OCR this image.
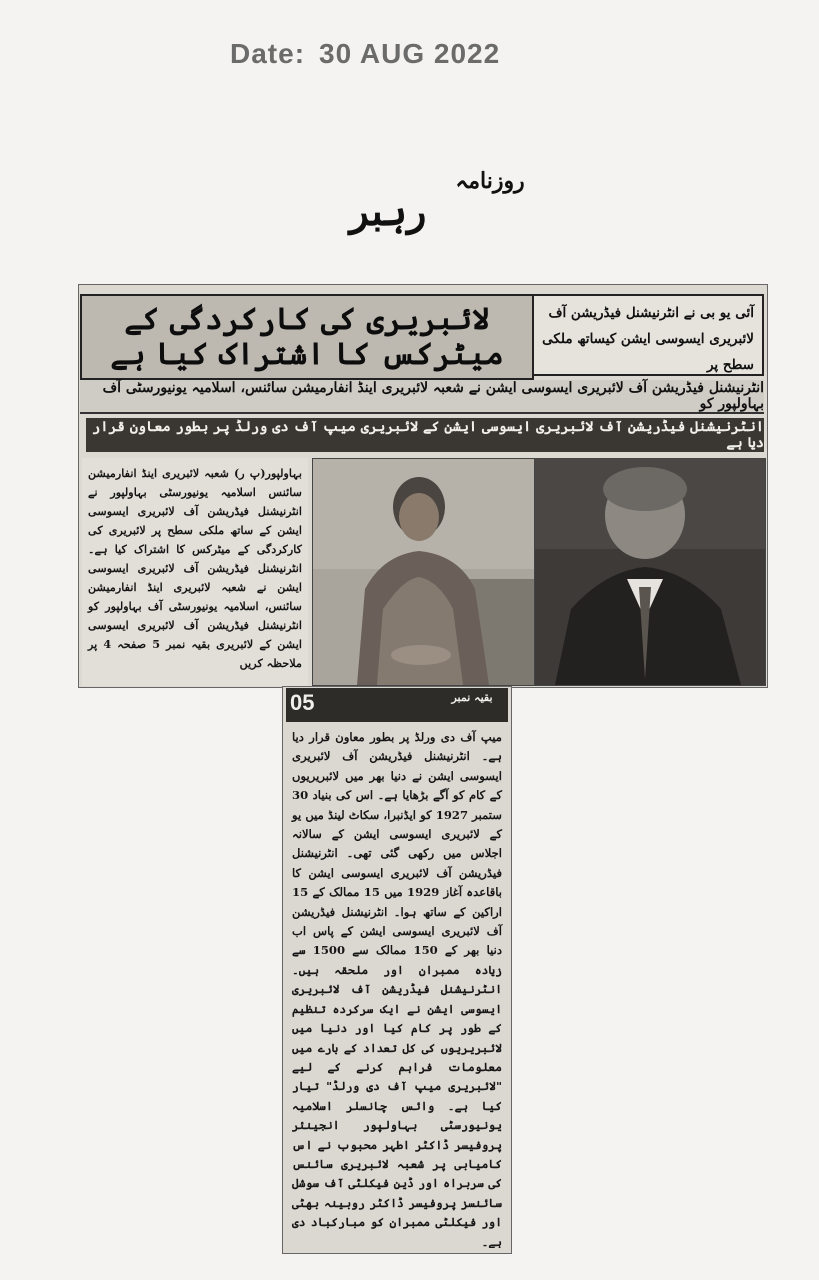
Date: 30 AUG 2022
روزنامہ
رہبر
لائبریری کی کارکردگی کے میٹرکس کا اشتراک کیا ہے
آئی یو بی نے انٹرنیشنل فیڈریشن آف لائبریری ایسوسی ایشن کیساتھ ملکی سطح پر
انٹرنیشنل فیڈریشن آف لائبریری ایسوسی ایشن نے شعبہ لائبریری اینڈ انفارمیشن سائنس، اسلامیہ یونیورسٹی آف بہاولپور کو
انٹرنیشنل فیڈریشن آف لائبریری ایسوسی ایشن کے لائبریری میپ آف دی ورلڈ پر بطور معاون قرار دیا ہے
بہاولپور(پ ر) شعبہ لائبریری اینڈ انفارمیشن سائنس اسلامیہ یونیورسٹی بہاولپور نے انٹرنیشنل فیڈریشن آف لائبریری ایسوسی ایشن کے ساتھ ملکی سطح پر لائبریری کی کارکردگی کے میٹرکس کا اشتراک کیا ہے۔ انٹرنیشنل فیڈریشن آف لائبریری ایسوسی ایشن نے شعبہ لائبریری اینڈ انفارمیشن سائنس، اسلامیہ یونیورسٹی آف بہاولپور کو انٹرنیشنل فیڈریشن آف لائبریری ایسوسی ایشن کے لائبریری بقیہ نمبر 5 صفحہ 4 پر ملاحظہ کریں
05	بقیہ نمبر
میپ آف دی ورلڈ پر بطور معاون قرار دیا ہے۔ انٹرنیشنل فیڈریشن آف لائبریری ایسوسی ایشن نے دنیا بھر میں لائبریریوں کے کام کو آگے بڑھایا ہے۔ اس کی بنیاد 30 ستمبر 1927 کو ایڈنبرا، سکاٹ لینڈ میں یو کے لائبریری ایسوسی ایشن کے سالانہ اجلاس میں رکھی گئی تھی۔ انٹرنیشنل فیڈریشن آف لائبریری ایسوسی ایشن کا باقاعدہ آغاز 1929 میں 15 ممالک کے 15 اراکین کے ساتھ ہوا۔ انٹرنیشنل فیڈریشن آف لائبریری ایسوسی ایشن کے پاس اب دنیا بھر کے 150 ممالک سے 1500 سے زیادہ ممبران اور ملحقہ ہیں۔ انٹرنیشنل فیڈریشن آف لائبریری ایسوسی ایشن نے ایک سرکردہ تنظیم کے طور پر کام کیا اور دنیا میں لائبریریوں کی کل تعداد کے بارے میں معلومات فراہم کرنے کے لیے "لائبریری میپ آف دی ورلڈ" تیار کیا ہے۔ وائس چانسلر اسلامیہ یونیورسٹی بہاولپور انجینئر پروفیسر ڈاکٹر اطہر محبوب نے اس کامیابی پر شعبہ لائبریری سائنس کی سربراہ اور ڈین فیکلٹی آف سوشل سائنسز پروفیسر ڈاکٹر روبینہ بھٹی اور فیکلٹی ممبران کو مبارکباد دی ہے۔
